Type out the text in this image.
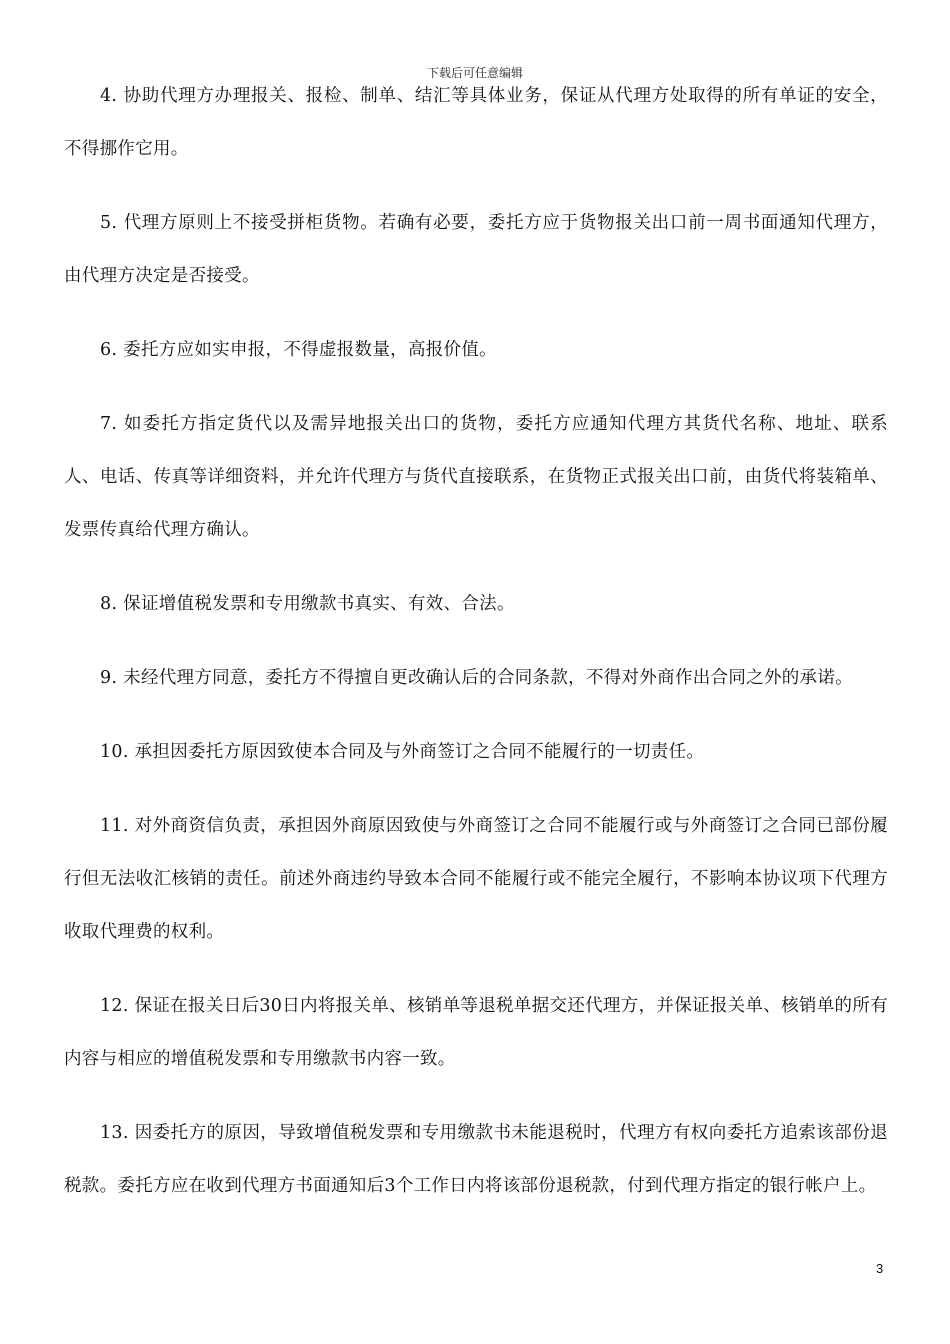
下载后可任意编辑

4. 协助代理方办理报关、报检、制单、结汇等具体业务，保证从代理方处取得的所有单证的安全，不得挪作它用。

5. 代理方原则上不接受拼柜货物。若确有必要，委托方应于货物报关出口前一周书面通知代理方，由代理方决定是否接受。

6. 委托方应如实申报，不得虚报数量，高报价值。

7. 如委托方指定货代以及需异地报关出口的货物，委托方应通知代理方其货代名称、地址、联系人、电话、传真等详细资料，并允许代理方与货代直接联系，在货物正式报关出口前，由货代将装箱单、发票传真给代理方确认。

8. 保证增值税发票和专用缴款书真实、有效、合法。

9. 未经代理方同意，委托方不得擅自更改确认后的合同条款，不得对外商作出合同之外的承诺。

10. 承担因委托方原因致使本合同及与外商签订之合同不能履行的一切责任。

11. 对外商资信负责，承担因外商原因致使与外商签订之合同不能履行或与外商签订之合同已部份履行但无法收汇核销的责任。前述外商违约导致本合同不能履行或不能完全履行，不影响本协议项下代理方收取代理费的权利。

12. 保证在报关日后30日内将报关单、核销单等退税单据交还代理方，并保证报关单、核销单的所有内容与相应的增值税发票和专用缴款书内容一致。

13. 因委托方的原因，导致增值税发票和专用缴款书未能退税时，代理方有权向委托方追索该部份退税款。委托方应在收到代理方书面通知后3个工作日内将该部份退税款，付到代理方指定的银行帐户上。

3
